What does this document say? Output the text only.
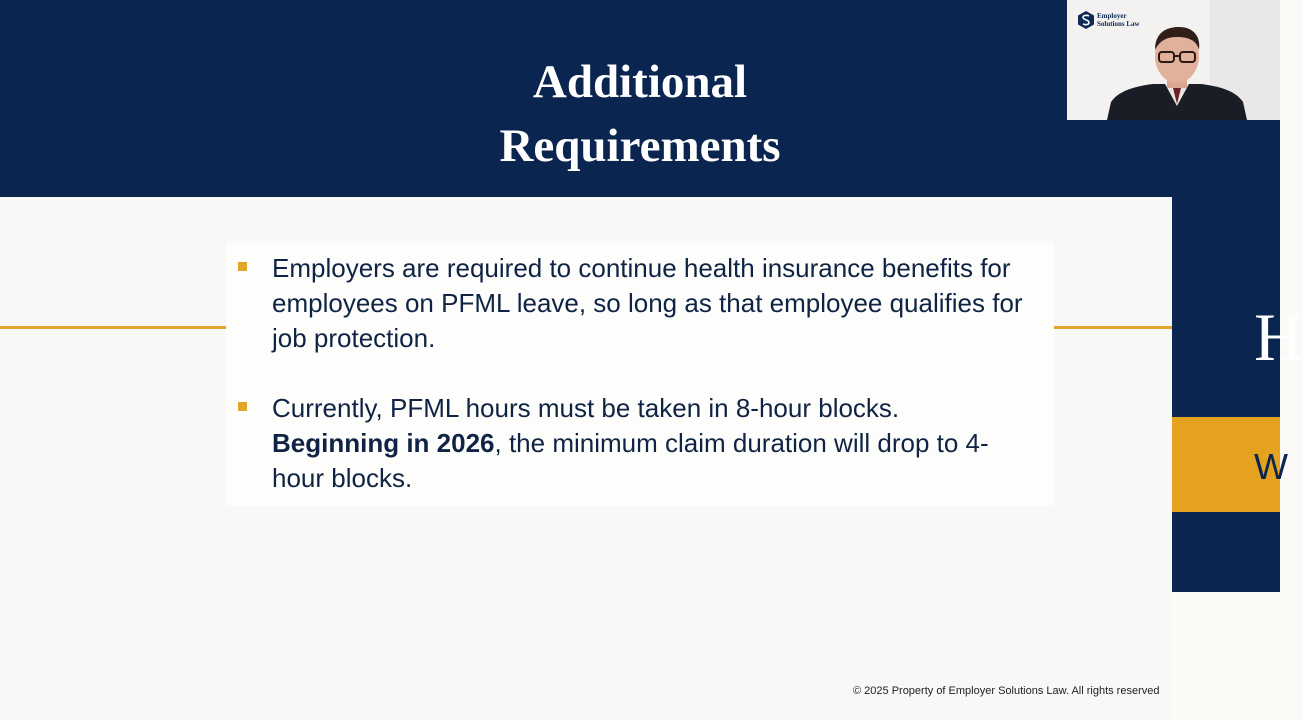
Additional
Requirements
Employers are required to continue health insurance benefits for employees on PFML leave, so long as that employee qualifies for job protection.
Currently, PFML hours must be taken in 8-hour blocks.
Beginning in 2026, the minimum claim duration will drop to 4-hour blocks.
H
W
Employer
Solutions Law
© 2025 Property of Employer Solutions Law. All rights reserved
